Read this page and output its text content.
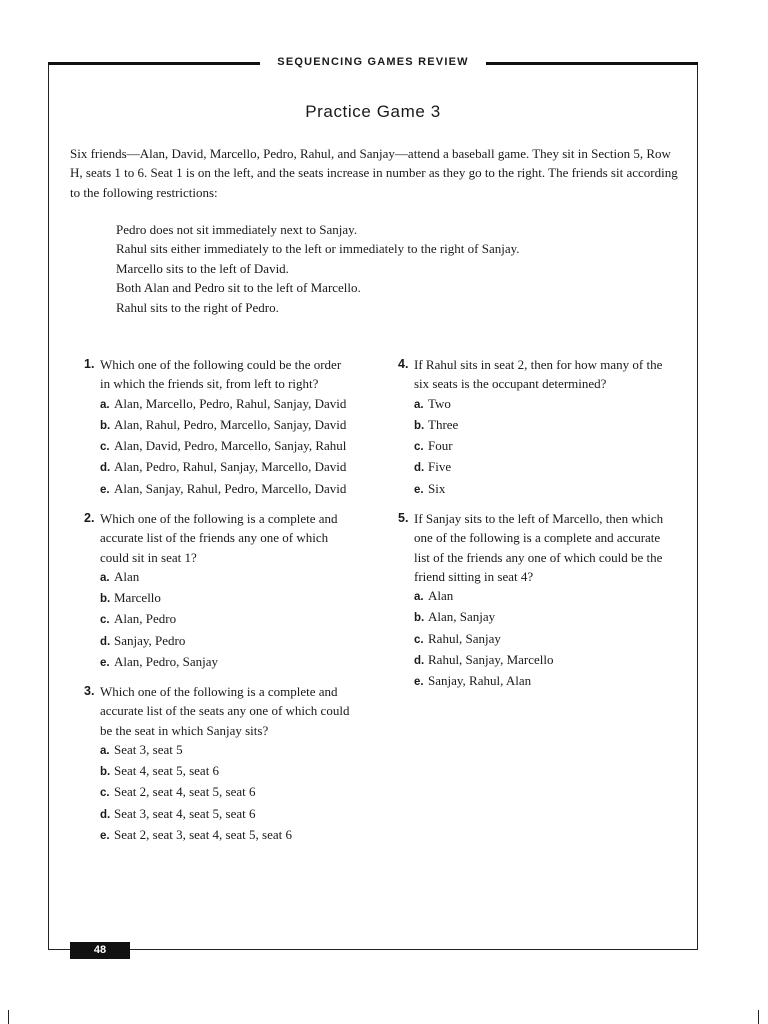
SEQUENCING GAMES REVIEW
Practice Game 3
Six friends—Alan, David, Marcello, Pedro, Rahul, and Sanjay—attend a baseball game. They sit in Section 5, Row H, seats 1 to 6. Seat 1 is on the left, and the seats increase in number as they go to the right. The friends sit according to the following restrictions:
Pedro does not sit immediately next to Sanjay.
Rahul sits either immediately to the left or immediately to the right of Sanjay.
Marcello sits to the left of David.
Both Alan and Pedro sit to the left of Marcello.
Rahul sits to the right of Pedro.
1. Which one of the following could be the order
in which the friends sit, from left to right?
a. Alan, Marcello, Pedro, Rahul, Sanjay, David
b. Alan, Rahul, Pedro, Marcello, Sanjay, David
c. Alan, David, Pedro, Marcello, Sanjay, Rahul
d. Alan, Pedro, Rahul, Sanjay, Marcello, David
e. Alan, Sanjay, Rahul, Pedro, Marcello, David
2. Which one of the following is a complete and
accurate list of the friends any one of which
could sit in seat 1?
a. Alan
b. Marcello
c. Alan, Pedro
d. Sanjay, Pedro
e. Alan, Pedro, Sanjay
3. Which one of the following is a complete and
accurate list of the seats any one of which could
be the seat in which Sanjay sits?
a. Seat 3, seat 5
b. Seat 4, seat 5, seat 6
c. Seat 2, seat 4, seat 5, seat 6
d. Seat 3, seat 4, seat 5, seat 6
e. Seat 2, seat 3, seat 4, seat 5, seat 6
4. If Rahul sits in seat 2, then for how many of the
six seats is the occupant determined?
a. Two
b. Three
c. Four
d. Five
e. Six
5. If Sanjay sits to the left of Marcello, then which
one of the following is a complete and accurate
list of the friends any one of which could be the
friend sitting in seat 4?
a. Alan
b. Alan, Sanjay
c. Rahul, Sanjay
d. Rahul, Sanjay, Marcello
e. Sanjay, Rahul, Alan
48
